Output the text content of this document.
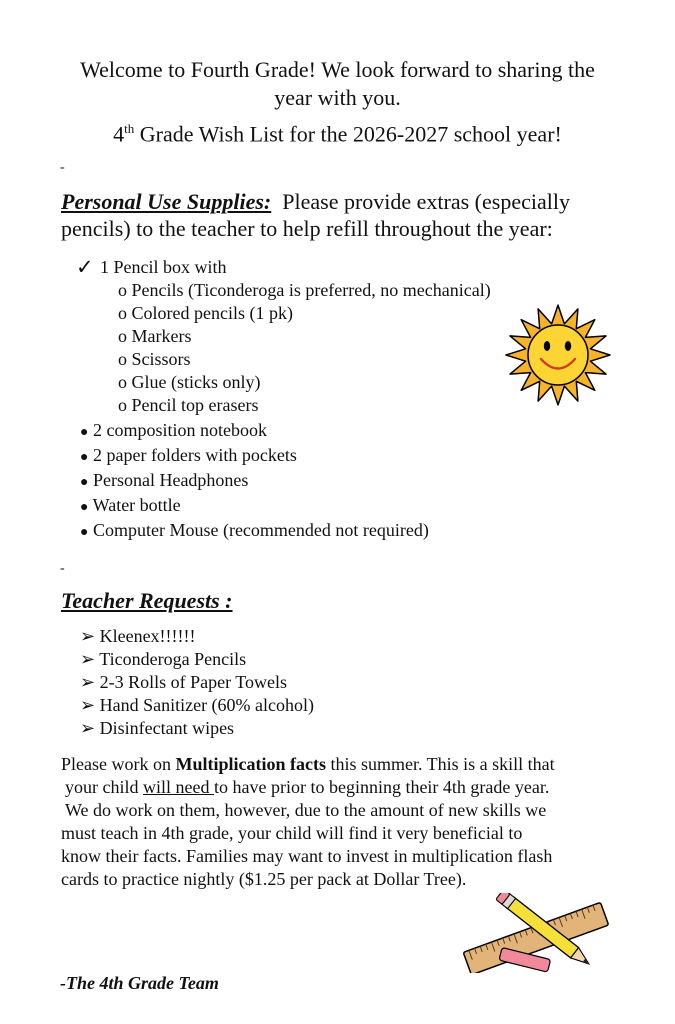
Welcome to Fourth Grade! We look forward to sharing the
year with you.
4th Grade Wish List for the 2026-2027 school year!
-
Personal Use Supplies: Please provide extras (especially
pencils) to the teacher to help refill throughout the year:
✓ 1 Pencil box with
o Pencils (Ticonderoga is preferred, no mechanical)
o Colored pencils (1 pk)
o Markers
o Scissors
o Glue (sticks only)
o Pencil top erasers
● 2 composition notebook
● 2 paper folders with pockets
● Personal Headphones
● Water bottle
● Computer Mouse (recommended not required)
-
Teacher Requests :
➢ Kleenex!!!!!!
➢ Ticonderoga Pencils
➢ 2-3 Rolls of Paper Towels
➢ Hand Sanitizer (60% alcohol)
➢ Disinfectant wipes
Please work on Multiplication facts this summer. This is a skill that
your child will need to have prior to beginning their 4th grade year.
We do work on them, however, due to the amount of new skills we
must teach in 4th grade, your child will find it very beneficial to
know their facts. Families may want to invest in multiplication flash
cards to practice nightly ($1.25 per pack at Dollar Tree).
-The 4th Grade Team
